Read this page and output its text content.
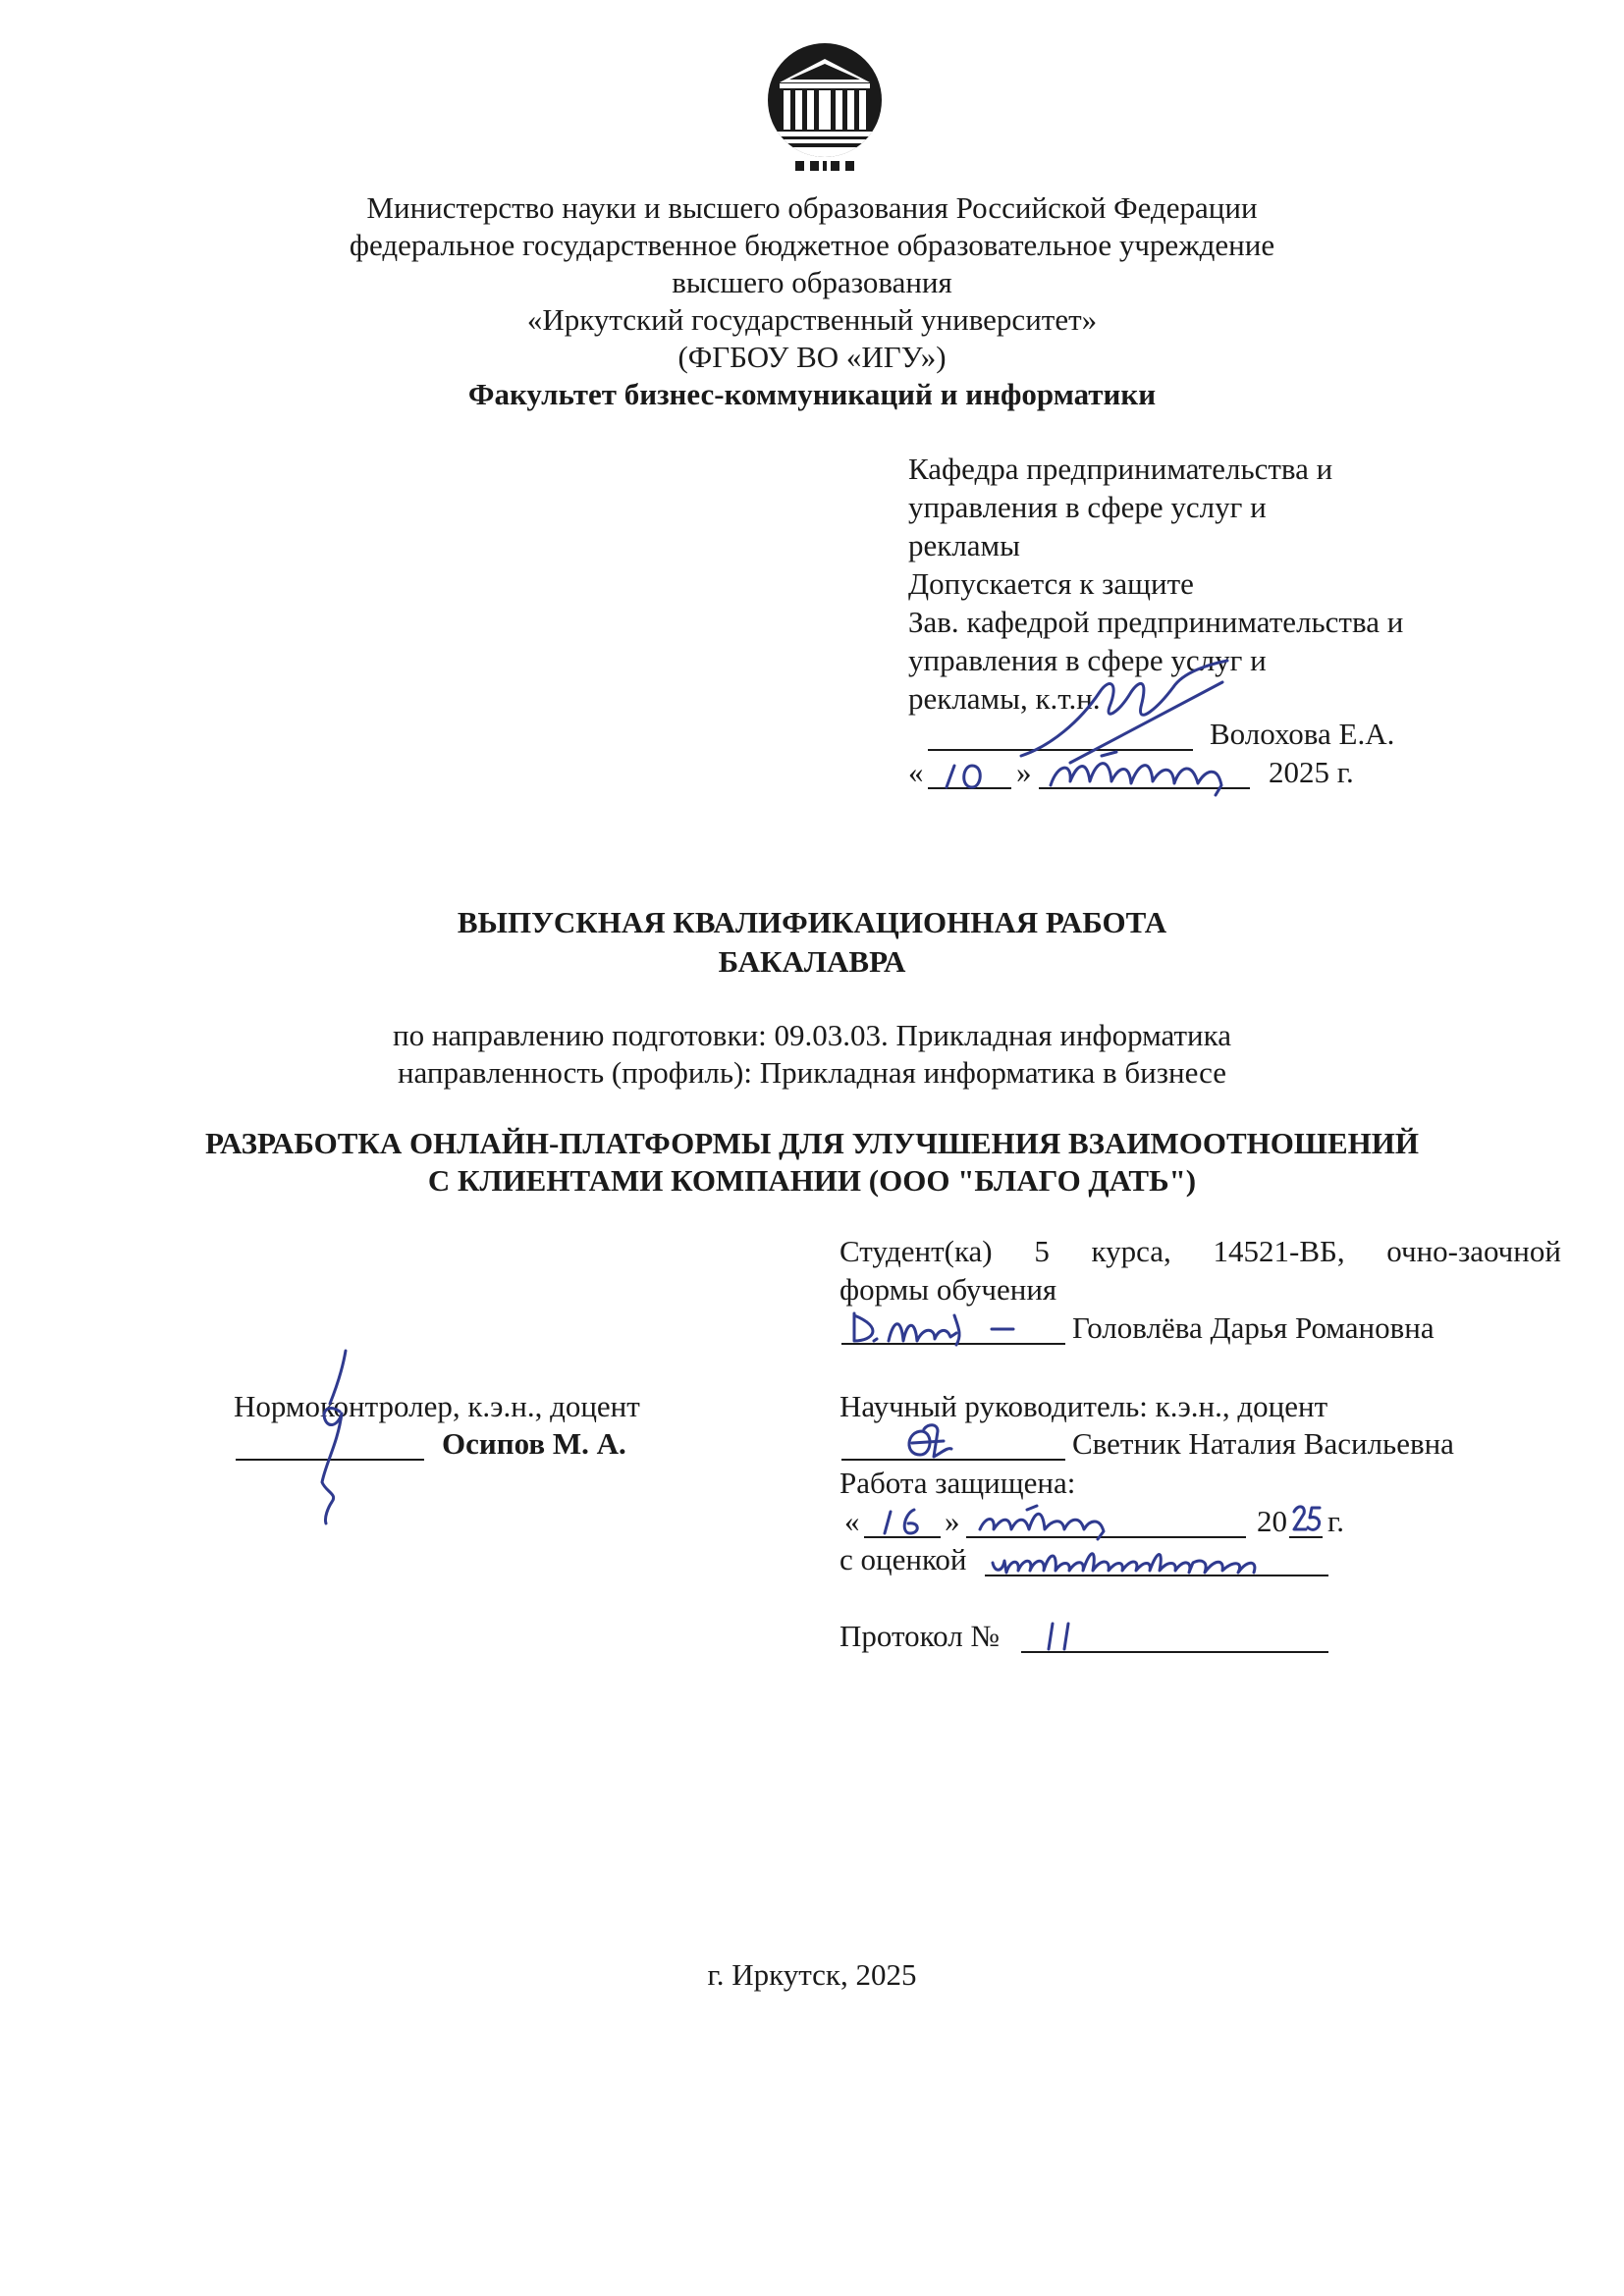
Министерство науки и высшего образования Российской Федерации
федеральное государственное бюджетное образовательное учреждение
высшего образования
«Иркутский государственный университет»
(ФГБОУ ВО «ИГУ»)
Факультет бизнес-коммуникаций и информатики
Кафедра предпринимательства и
управления в сфере услуг и
рекламы
Допускается к защите
Зав. кафедрой предпринимательства и
управления в сфере услуг и
рекламы, к.т.н.
Волохова Е.А.
«	»	2025 г.
ВЫПУСКНАЯ КВАЛИФИКАЦИОННАЯ РАБОТА
БАКАЛАВРА
по направлению подготовки: 09.03.03. Прикладная информатика
направленность (профиль): Прикладная информатика в бизнесе
РАЗРАБОТКА ОНЛАЙН-ПЛАТФОРМЫ ДЛЯ УЛУЧШЕНИЯ ВЗАИМООТНОШЕНИЙ
С КЛИЕНТАМИ КОМПАНИИ (ООО "БЛАГО ДАТЬ")
Студент(ка) 5 курса, 14521-ВБ, очно-заочной
формы обучения
Головлёва Дарья Романовна
Нормоконтролер, к.э.н., доцент
Осипов М. А.
Научный руководитель: к.э.н., доцент
Светник Наталия Васильевна
Работа защищена:
«	»	20 г.
с оценкой
Протокол №
г. Иркутск, 2025
